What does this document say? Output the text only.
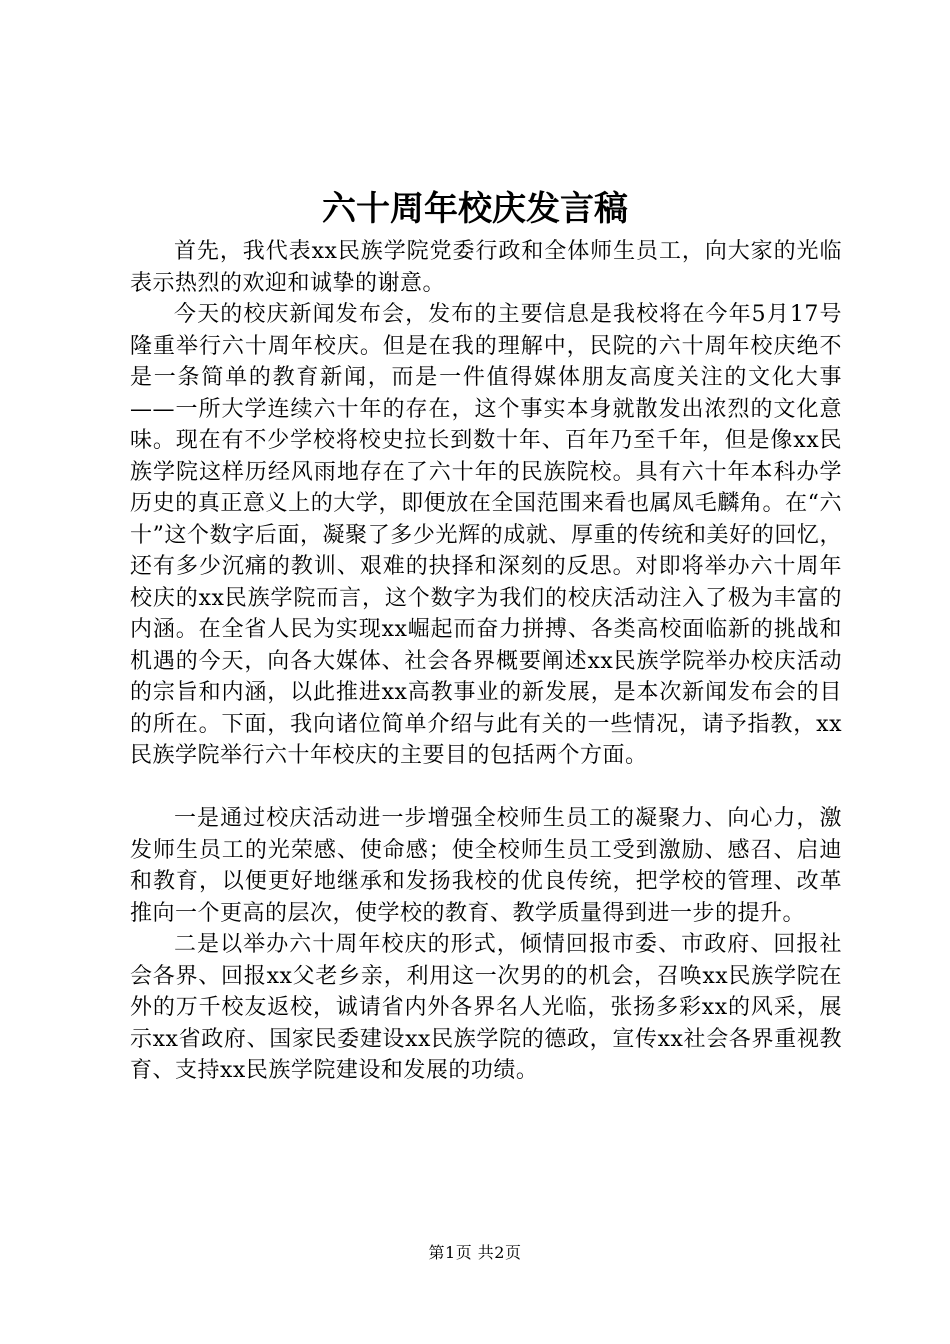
六十周年校庆发言稿

首先，我代表xx民族学院党委行政和全体师生员工，向大家的光临表示热烈的欢迎和诚挚的谢意。

今天的校庆新闻发布会，发布的主要信息是我校将在今年5月17号隆重举行六十周年校庆。但是在我的理解中，民院的六十周年校庆绝不是一条简单的教育新闻，而是一件值得媒体朋友高度关注的文化大事——一所大学连续六十年的存在，这个事实本身就散发出浓烈的文化意味。现在有不少学校将校史拉长到数十年、百年乃至千年，但是像xx民族学院这样历经风雨地存在了六十年的民族院校。具有六十年本科办学历史的真正意义上的大学，即便放在全国范围来看也属凤毛麟角。在“六十”这个数字后面，凝聚了多少光辉的成就、厚重的传统和美好的回忆，还有多少沉痛的教训、艰难的抉择和深刻的反思。对即将举办六十周年校庆的xx民族学院而言，这个数字为我们的校庆活动注入了极为丰富的内涵。在全省人民为实现xx崛起而奋力拼搏、各类高校面临新的挑战和机遇的今天，向各大媒体、社会各界概要阐述xx民族学院举办校庆活动的宗旨和内涵，以此推进xx高教事业的新发展，是本次新闻发布会的目的所在。下面，我向诸位简单介绍与此有关的一些情况，请予指教，xx民族学院举行六十年校庆的主要目的包括两个方面。

一是通过校庆活动进一步增强全校师生员工的凝聚力、向心力，激发师生员工的光荣感、使命感；使全校师生员工受到激励、感召、启迪和教育，以便更好地继承和发扬我校的优良传统，把学校的管理、改革推向一个更高的层次，使学校的教育、教学质量得到进一步的提升。

二是以举办六十周年校庆的形式，倾情回报市委、市政府、回报社会各界、回报xx父老乡亲，利用这一次男的的机会，召唤xx民族学院在外的万千校友返校，诚请省内外各界名人光临，张扬多彩xx的风采，展示xx省政府、国家民委建设xx民族学院的德政，宣传xx社会各界重视教育、支持xx民族学院建设和发展的功绩。

第1页 共2页
